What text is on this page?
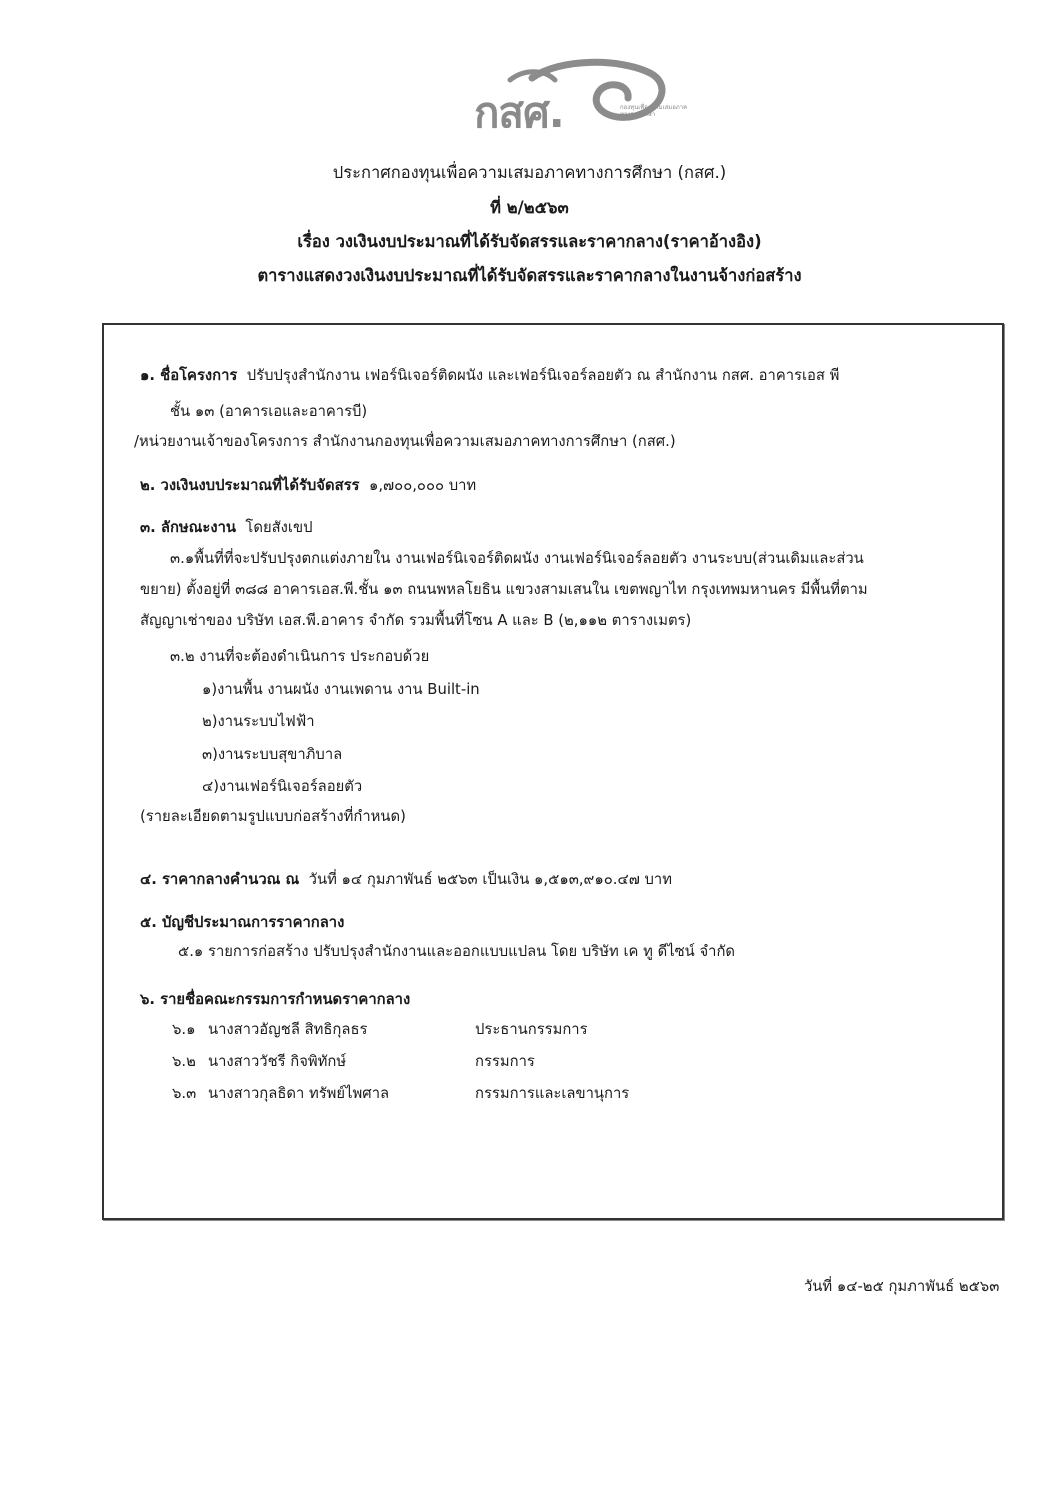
กสศ.	กองทุนเพื่อความเสมอภาคทางการศึกษา
ประกาศกองทุนเพื่อความเสมอภาคทางการศึกษา (กสศ.)
ที่ ๒/๒๕๖๓
เรื่อง วงเงินงบประมาณที่ได้รับจัดสรรและราคากลาง(ราคาอ้างอิง)
ตารางแสดงวงเงินงบประมาณที่ได้รับจัดสรรและราคากลางในงานจ้างก่อสร้าง
๑. ชื่อโครงการ ปรับปรุงสำนักงาน เฟอร์นิเจอร์ติดผนัง และเฟอร์นิเจอร์ลอยตัว ณ สำนักงาน กสศ. อาคารเอส พี
ชั้น ๑๓ (อาคารเอและอาคารบี)
/หน่วยงานเจ้าของโครงการ สำนักงานกองทุนเพื่อความเสมอภาคทางการศึกษา (กสศ.)
๒. วงเงินงบประมาณที่ได้รับจัดสรร ๑,๗๐๐,๐๐๐ บาท
๓. ลักษณะงาน โดยสังเขป
๓.๑พื้นที่ที่จะปรับปรุงตกแต่งภายใน งานเฟอร์นิเจอร์ติดผนัง งานเฟอร์นิเจอร์ลอยตัว งานระบบ(ส่วนเดิมและส่วน
ขยาย) ตั้งอยู่ที่ ๓๘๘ อาคารเอส.พี.ชั้น ๑๓ ถนนพหลโยธิน แขวงสามเสนใน เขตพญาไท กรุงเทพมหานคร มีพื้นที่ตาม
สัญญาเช่าของ บริษัท เอส.พี.อาคาร จำกัด รวมพื้นที่โซน A และ B (๒,๑๑๒ ตารางเมตร)
๓.๒ งานที่จะต้องดำเนินการ ประกอบด้วย
๑)งานพื้น งานผนัง งานเพดาน งาน Built-in
๒)งานระบบไฟฟ้า
๓)งานระบบสุขาภิบาล
๔)งานเฟอร์นิเจอร์ลอยตัว
(รายละเอียดตามรูปแบบก่อสร้างที่กำหนด)
๔. ราคากลางคำนวณ ณ วันที่ ๑๔ กุมภาพันธ์ ๒๕๖๓ เป็นเงิน ๑,๕๑๓,๙๑๐.๔๗ บาท
๕. บัญชีประมาณการราคากลาง
๕.๑ รายการก่อสร้าง ปรับปรุงสำนักงานและออกแบบแปลน โดย บริษัท เค ทู ดีไซน์ จำกัด
๖. รายชื่อคณะกรรมการกำหนดราคากลาง
๖.๑ นางสาวอัญชลี สิทธิกุลธร	ประธานกรรมการ
๖.๒ นางสาววัชรี กิจพิทักษ์	กรรมการ
๖.๓ นางสาวกุลธิดา ทรัพย์ไพศาล	กรรมการและเลขานุการ
วันที่ ๑๔-๒๕ กุมภาพันธ์ ๒๕๖๓
